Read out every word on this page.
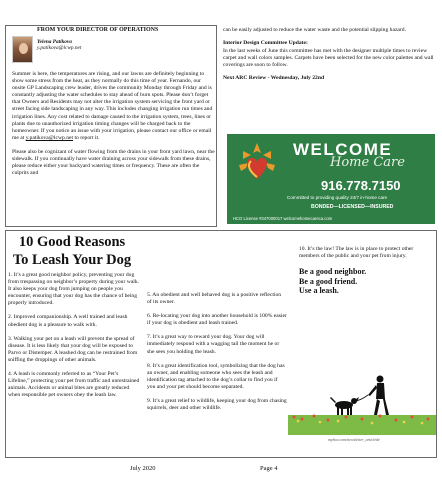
FROM YOUR DIRECTOR OF OPERATIONS
Yelena Patikova
y.patikova@lcwp.net

Summer is here, the temperatures are rising, and our lawns are definitely beginning to show some stress from the heat, as they normally do this time of year. Fernando, our onsite GP Landscaping crew leader, drives the community Monday through Friday and is constantly adjusting the water schedules to stay ahead of burn spots. Please don’t forget that Owners and Residents may not alter the irrigation system servicing the front yard or street facing side landscaping in any way. This includes changing irrigation run times and irrigation lines. Any cost related to damage caused to the irrigation system, trees, lines or plants due to unauthorized irrigation timing changes will be charged back to the homeowner. If you notice an issue with your irrigation, please contact our office or email me at y.patikova@lcwp.net to report it.

Please also be cognizant of water flowing from the drains in your front yard lawn, near the sidewalk. If you continually have water draining across your sidewalk from these drains, please reduce either your backyard watering times or frequency. These are often the culprits and

can be easily adjusted to reduce the water waste and the potential slipping hazard.

Interior Design Committee Update:

In the last weeks of June this committee has met with the designer multiple times to review carpet and wall colors samples. Carpets have been selected for the new color palettes and wall coverings are soon to follow.

Next ARC Review - Wednesday, July 22nd

WELCOME
Home Care
916.778.7150
Committed to providing quality 24/7 in-home care
BONDED—LICENSED—INSURED
HCO License #347000017 welcomehomecareca.com
10 Good Reasons To Leash Your Dog

1. It’s a great good neighbor policy, preventing your dog from trespassing on neighbor’s property during your walk. It also keeps your dog from jumping on people you encounter, ensuring that your dog has the chance of being properly introduced.

2. Improved companionship. A well trained and leash obedient dog is a pleasure to walk with.

3. Walking your pet on a leash will prevent the spread of disease. It is less likely that your dog will be exposed to Parvo or Distemper. A leashed dog can be restrained from sniffing the droppings of other animals.

4. A leash is commonly referred to as “Your Pet’s Lifeline,” protecting your pet from traffic and unrestrained animals. Accidents or animal bites are greatly reduced when responsible pet owners obey the leash law.

5. An obedient and well behaved dog is a positive reflection of its owner.

6. Re-locating your dog into another household is 100% easier if your dog is obedient and leash trained.

7. It’s a great way to reward your dog. Your dog will immediately respond with a wagging tail the moment he or she sees you holding the leash.

8. It’s a great identification tool, symbolizing that the dog has an owner, and enabling someone who sees the leash and identification tag attached to the dog’s collar to find you if you and your pet should become separated.

9. It’s a great relief to wildlife, keeping your dog from chasing squirrels, deer and other wildlife.

10. It’s the law! The law is in place to protect other members of the public and your pet from injury.

Be a good neighbor.
Be a good friend.
Use a leash.
mybca.com/newsletter_article#e
July 2020	Page 4
